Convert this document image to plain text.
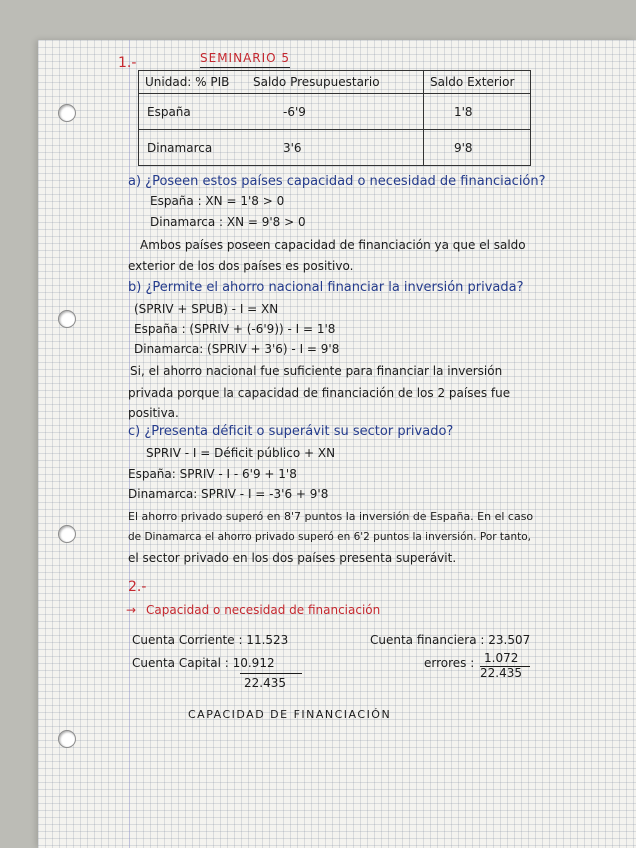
1.-	SEMINARIO 5
Unidad: % PIB	Saldo Presupuestario	Saldo Exterior
España	-6'9	1'8
Dinamarca	3'6	9'8
a) ¿Poseen estos países capacidad o necesidad de financiación?
España : XN = 1'8 > 0
Dinamarca : XN = 9'8 > 0
Ambos países poseen capacidad de financiación ya que el saldo
exterior de los dos países es positivo.
b) ¿Permite el ahorro nacional financiar la inversión privada?
(SPRIV + SPUB) - I = XN
España : (SPRIV + (-6'9)) - I = 1'8
Dinamarca: (SPRIV + 3'6) - I = 9'8
Si, el ahorro nacional fue suficiente para financiar la inversión
privada porque la capacidad de financiación de los 2 países fue
positiva.
c) ¿Presenta déficit o superávit su sector privado?
SPRIV - I = Déficit público + XN
España: SPRIV - I - 6'9 + 1'8
Dinamarca: SPRIV - I = -3'6 + 9'8
El ahorro privado superó en 8'7 puntos la inversión de España. En el caso
de Dinamarca el ahorro privado superó en 6'2 puntos la inversión. Por tanto,
el sector privado en los dos países presenta superávit.
2.-
→ Capacidad o necesidad de financiación
Cuenta Corriente : 11.523
Cuenta Capital : 10.912
22.435
Cuenta financiera : 23.507
errores : 1.072
22.435
CAPACIDAD DE FINANCIACIÓN
